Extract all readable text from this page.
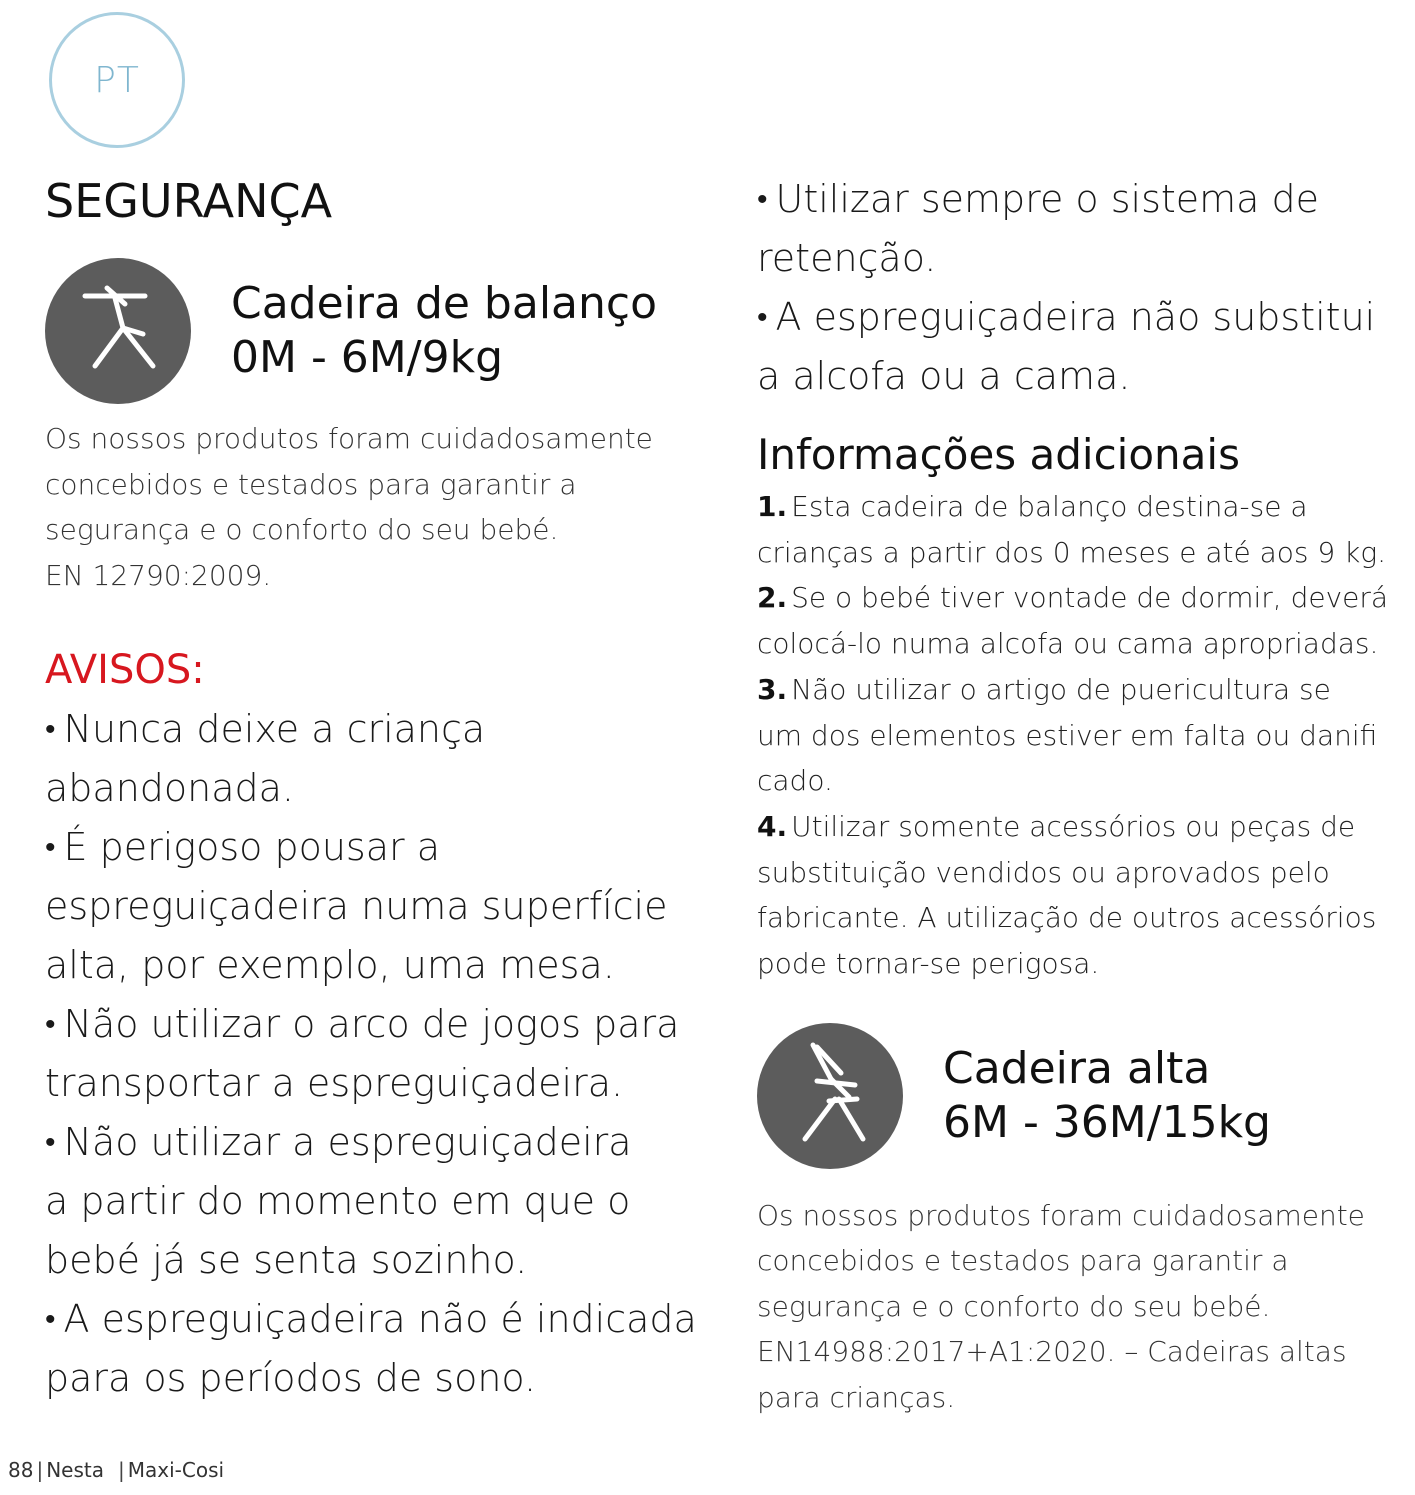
PT
SEGURANÇA
Cadeira de balanço
0M - 6M/9kg
Os nossos produtos foram cuidadosamente
concebidos e testados para garantir a
segurança e o conforto do seu bebé.
EN 12790:2009.
AVISOS:
• Nunca deixe a criança
abandonada.
• É perigoso pousar a
espreguiçadeira numa superfície
alta, por exemplo, uma mesa.
• Não utilizar o arco de jogos para
transportar a espreguiçadeira.
• Não utilizar a espreguiçadeira
a partir do momento em que o
bebé já se senta sozinho.
• A espreguiçadeira não é indicada
para os períodos de sono.
• Utilizar sempre o sistema de
retenção.
• A espreguiçadeira não substitui
a alcofa ou a cama.
Informações adicionais
1. Esta cadeira de balanço destina-se a
crianças a partir dos 0 meses e até aos 9 kg.
2. Se o bebé tiver vontade de dormir, deverá
colocá-lo numa alcofa ou cama apropriadas.
3. Não utilizar o artigo de puericultura se
um dos elementos estiver em falta ou danifi
cado.
4. Utilizar somente acessórios ou peças de
substituição vendidos ou aprovados pelo
fabricante. A utilização de outros acessórios
pode tornar-se perigosa.
Cadeira alta
6M - 36M/15kg
Os nossos produtos foram cuidadosamente
concebidos e testados para garantir a
segurança e o conforto do seu bebé.
EN14988:2017+A1:2020. – Cadeiras altas
para crianças.
88 | Nesta | Maxi-Cosi
